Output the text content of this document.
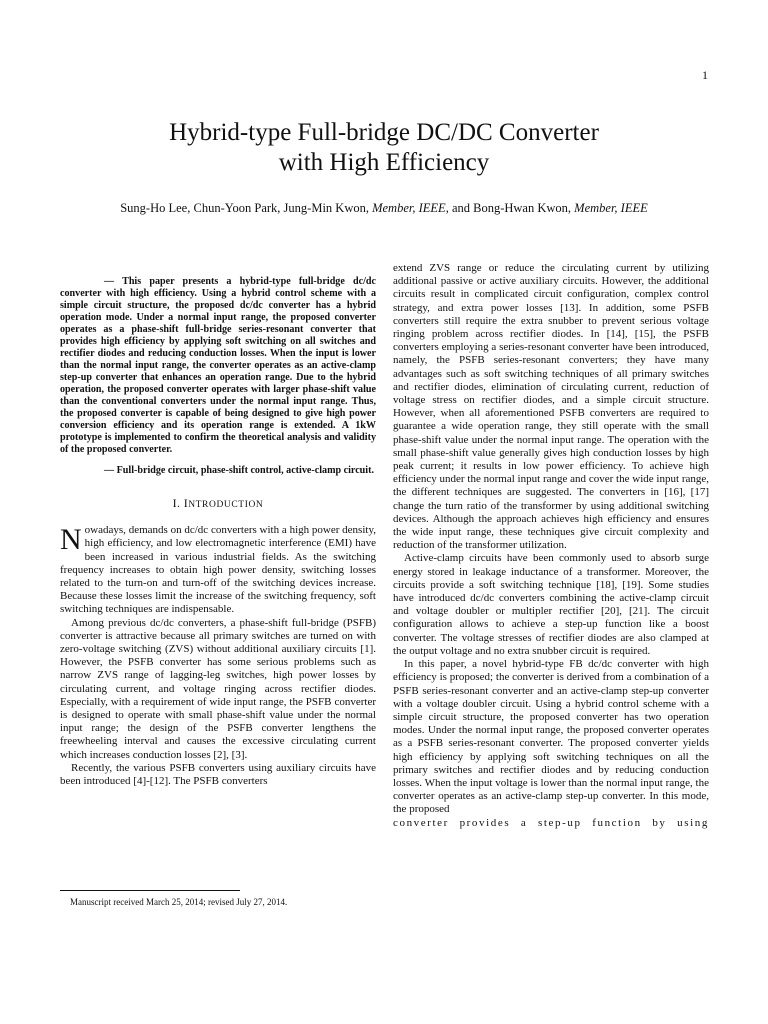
1
Hybrid-type Full-bridge DC/DC Converter
with High Efficiency
Sung-Ho Lee, Chun-Yoon Park, Jung-Min Kwon, Member, IEEE, and Bong-Hwan Kwon, Member, IEEE

— This paper presents a hybrid-type full-bridge dc/dc converter with high efficiency. Using a hybrid control scheme with a simple circuit structure, the proposed dc/dc converter has a hybrid operation mode. Under a normal input range, the proposed converter operates as a phase-shift full-bridge series-resonant converter that provides high efficiency by applying soft switching on all switches and rectifier diodes and reducing conduction losses. When the input is lower than the normal input range, the converter operates as an active-clamp step-up converter that enhances an operation range. Due to the hybrid operation, the proposed converter operates with larger phase-shift value than the conventional converters under the normal input range. Thus, the proposed converter is capable of being designed to give high power conversion efficiency and its operation range is extended. A 1kW prototype is implemented to confirm the theoretical analysis and validity of the proposed converter.

— Full-bridge circuit, phase-shift control, active-clamp circuit.

I. INTRODUCTION

Nowadays, demands on dc/dc converters with a high power density, high efficiency, and low electromagnetic interference (EMI) have been increased in various industrial fields. As the switching frequency increases to obtain high power density, switching losses related to the turn-on and turn-off of the switching devices increase. Because these losses limit the increase of the switching frequency, soft switching techniques are indispensable.

Among previous dc/dc converters, a phase-shift full-bridge (PSFB) converter is attractive because all primary switches are turned on with zero-voltage switching (ZVS) without additional auxiliary circuits [1]. However, the PSFB converter has some serious problems such as narrow ZVS range of lagging-leg switches, high power losses by circulating current, and voltage ringing across rectifier diodes. Especially, with a requirement of wide input range, the PSFB converter is designed to operate with small phase-shift value under the normal input range; the design of the PSFB converter lengthens the freewheeling interval and causes the excessive circulating current which increases conduction losses [2], [3].

Recently, the various PSFB converters using auxiliary circuits have been introduced [4]-[12]. The PSFB converters

Manuscript received March 25, 2014; revised July 27, 2014.

extend ZVS range or reduce the circulating current by utilizing additional passive or active auxiliary circuits. However, the additional circuits result in complicated circuit configuration, complex control strategy, and extra power losses [13]. In addition, some PSFB converters still require the extra snubber to prevent serious voltage ringing problem across rectifier diodes. In [14], [15], the PSFB converters employing a series-resonant converter have been introduced, namely, the PSFB series-resonant converters; they have many advantages such as soft switching techniques of all primary switches and rectifier diodes, elimination of circulating current, reduction of voltage stress on rectifier diodes, and a simple circuit structure. However, when all aforementioned PSFB converters are required to guarantee a wide operation range, they still operate with the small phase-shift value under the normal input range. The operation with the small phase-shift value generally gives high conduction losses by high peak current; it results in low power efficiency. To achieve high efficiency under the normal input range and cover the wide input range, the different techniques are suggested. The converters in [16], [17] change the turn ratio of the transformer by using additional switching devices. Although the approach achieves high efficiency and ensures the wide input range, these techniques give circuit complexity and reduction of the transformer utilization.

Active-clamp circuits have been commonly used to absorb surge energy stored in leakage inductance of a transformer. Moreover, the circuits provide a soft switching technique [18], [19]. Some studies have introduced dc/dc converters combining the active-clamp circuit and voltage doubler or multipler rectifier [20], [21]. The circuit configuration allows to achieve a step-up function like a boost converter. The voltage stresses of rectifier diodes are also clamped at the output voltage and no extra snubber circuit is required.

In this paper, a novel hybrid-type FB dc/dc converter with high efficiency is proposed; the converter is derived from a combination of a PSFB series-resonant converter and an active-clamp step-up converter with a voltage doubler circuit. Using a hybrid control scheme with a simple circuit structure, the proposed converter has two operation modes. Under the normal input range, the proposed converter operates as a PSFB series-resonant converter. The proposed converter yields high efficiency by applying soft switching techniques on all the primary switches and rectifier diodes and by reducing conduction losses. When the input voltage is lower than the normal input range, the converter operates as an active-clamp step-up converter. In this mode, the proposed

converter provides a step-up function by using
